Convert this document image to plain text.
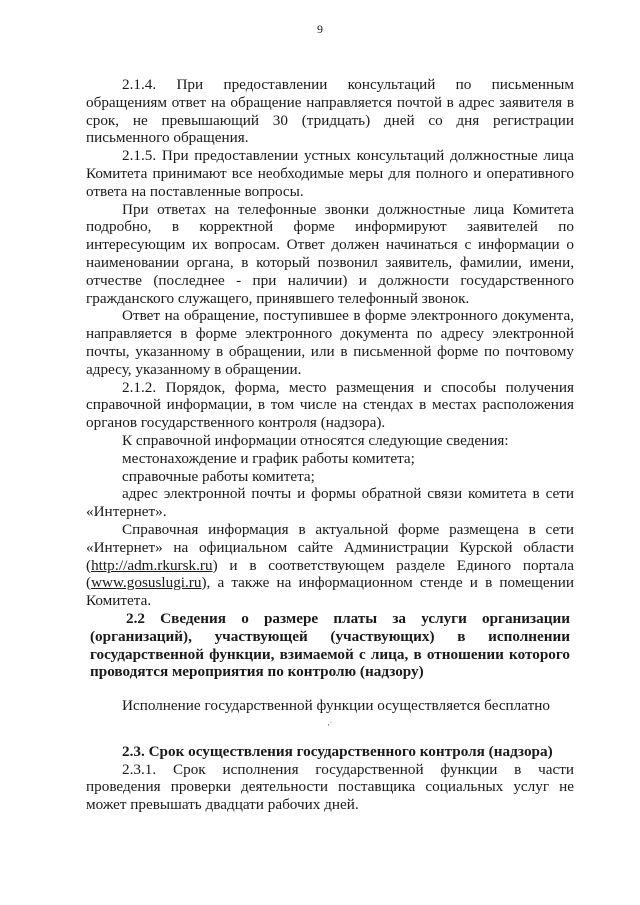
9

2.1.4. При предоставлении консультаций по письменным обращениям ответ на обращение направляется почтой в адрес заявителя в срок, не превышающий 30 (тридцать) дней со дня регистрации письменного обращения.

2.1.5. При предоставлении устных консультаций должностные лица Комитета принимают все необходимые меры для полного и оперативного ответа на поставленные вопросы.

При ответах на телефонные звонки должностные лица Комитета подробно, в корректной форме информируют заявителей по интересующим их вопросам. Ответ должен начинаться с информации о наименовании органа, в который позвонил заявитель, фамилии, имени, отчестве (последнее - при наличии) и должности государственного гражданского служащего, принявшего телефонный звонок.

Ответ на обращение, поступившее в форме электронного документа, направляется в форме электронного документа по адресу электронной почты, указанному в обращении, или в письменной форме по почтовому адресу, указанному в обращении.

2.1.2. Порядок, форма, место размещения и способы получения справочной информации, в том числе на стендах в местах расположения органов государственного контроля (надзора).

К справочной информации относятся следующие сведения:

местонахождение и график работы комитета;

справочные работы комитета;

адрес электронной почты и формы обратной связи комитета в сети «Интернет».

Справочная информация в актуальной форме размещена в сети «Интернет» на официальном сайте Администрации Курской области (http://adm.rkursk.ru) и в соответствующем разделе Единого портала (www.gosuslugi.ru), а также на информационном стенде и в помещении Комитета.

2.2 Сведения о размере платы за услуги организации (организаций), участвующей (участвующих) в исполнении государственной функции, взимаемой с лица, в отношении которого проводятся мероприятия по контролю (надзору)

Исполнение государственной функции осуществляется бесплатно

,·

2.3. Срок осуществления государственного контроля (надзора)

2.3.1. Срок исполнения государственной функции в части проведения проверки деятельности поставщика социальных услуг не может превышать двадцати рабочих дней.
